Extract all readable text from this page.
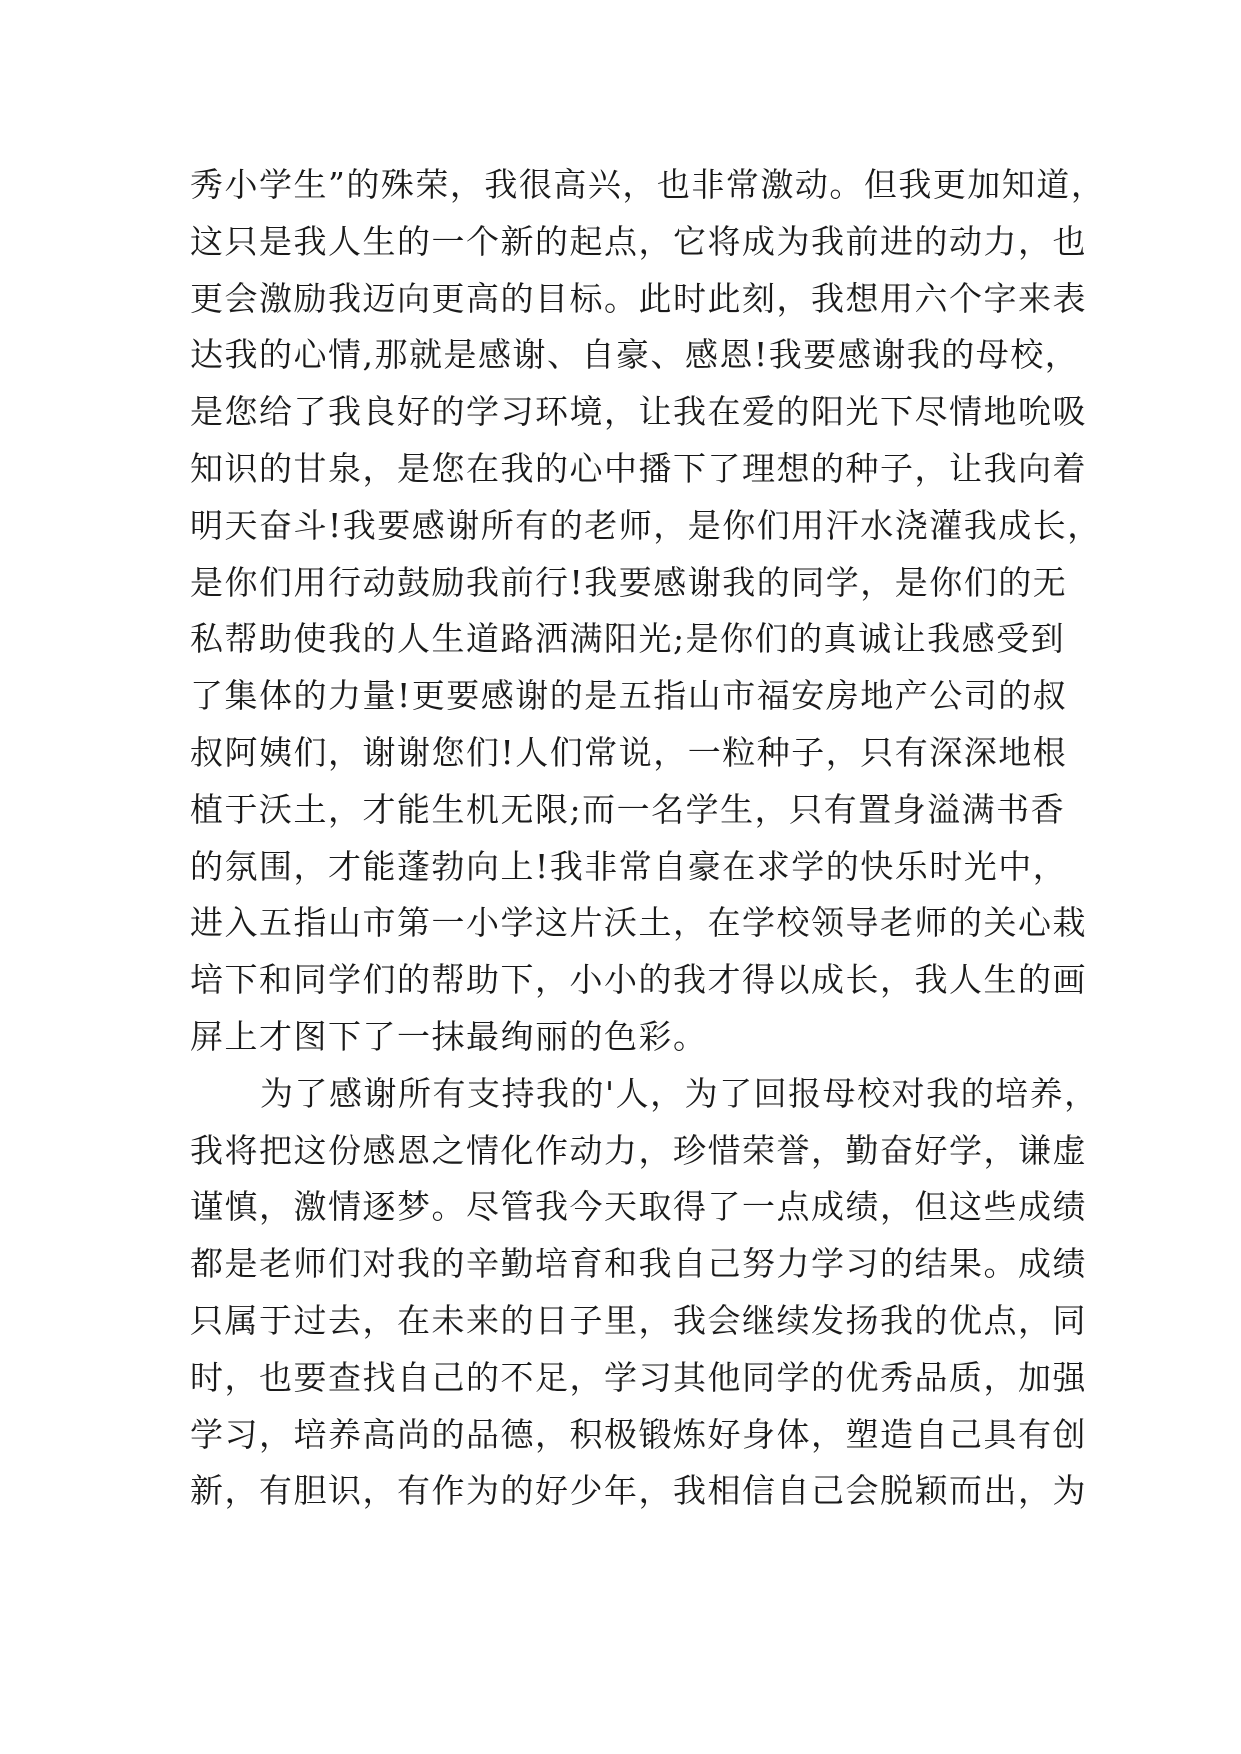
秀小学生”的殊荣，我很高兴，也非常激动。但我更加知道，
这只是我人生的一个新的起点，它将成为我前进的动力，也
更会激励我迈向更高的目标。此时此刻，我想用六个字来表
达我的心情,那就是感谢、自豪、感恩!我要感谢我的母校，
是您给了我良好的学习环境，让我在爱的阳光下尽情地吮吸
知识的甘泉，是您在我的心中播下了理想的种子，让我向着
明天奋斗!我要感谢所有的老师，是你们用汗水浇灌我成长，
是你们用行动鼓励我前行!我要感谢我的同学，是你们的无
私帮助使我的人生道路洒满阳光;是你们的真诚让我感受到
了集体的力量!更要感谢的是五指山市福安房地产公司的叔
叔阿姨们，谢谢您们!人们常说，一粒种子，只有深深地根
植于沃土，才能生机无限;而一名学生，只有置身溢满书香
的氛围，才能蓬勃向上!我非常自豪在求学的快乐时光中，
进入五指山市第一小学这片沃土，在学校领导老师的关心栽
培下和同学们的帮助下，小小的我才得以成长，我人生的画
屏上才图下了一抹最绚丽的色彩。
为了感谢所有支持我的'人，为了回报母校对我的培养，
我将把这份感恩之情化作动力，珍惜荣誉，勤奋好学，谦虚
谨慎，激情逐梦。尽管我今天取得了一点成绩，但这些成绩
都是老师们对我的辛勤培育和我自己努力学习的结果。成绩
只属于过去，在未来的日子里，我会继续发扬我的优点，同
时，也要查找自己的不足，学习其他同学的优秀品质，加强
学习，培养高尚的品德，积极锻炼好身体，塑造自己具有创
新，有胆识，有作为的好少年，我相信自己会脱颖而出，为
